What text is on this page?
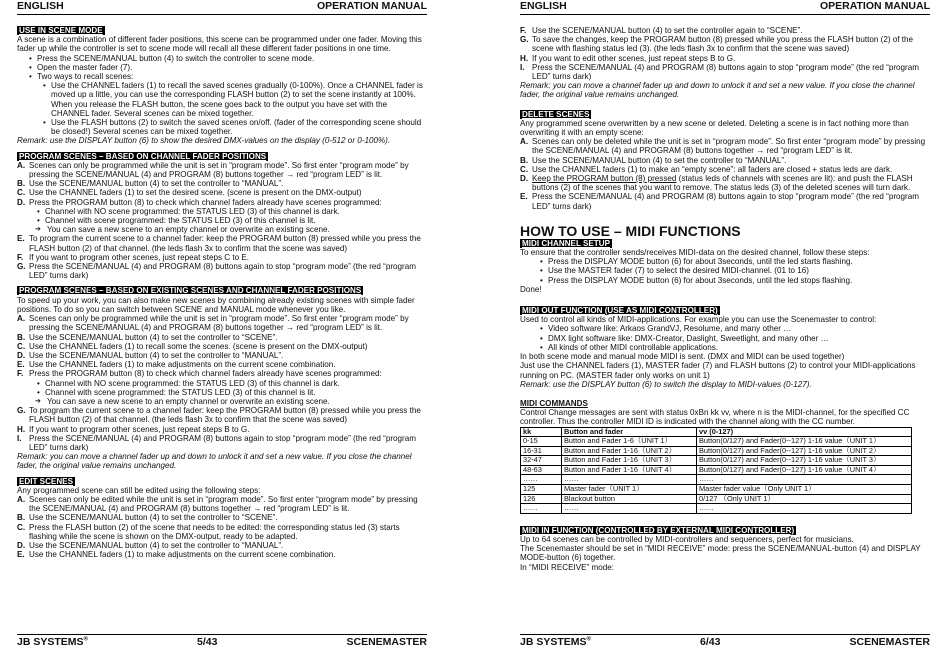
ENGLISH	OPERATION MANUAL
USE IN SCENE MODE

A scene is a combination of different fader positions, this scene can be programmed under one fader. Moving this fader up while the controller is set to scene mode will recall all these different fader positions in one time.

• Press the SCENE/MANUAL button (4) to switch the controller to scene mode.

• Open the master fader (7).

• Two ways to recall scenes:

• Use the CHANNEL faders (1) to recall the saved scenes gradually (0-100%). Once a CHANNEL fader is moved up a little, you can use the corresponding FLASH button (2) to set the scene instantly at 100%. When you release the FLASH button, the scene goes back to the output you have set with the CHANNEL fader. Several scenes can be mixed together.

• Use the FLASH buttons (2) to switch the saved scenes on/off. (fader of the corresponding scene should be closed!) Several scenes can be mixed together.

Remark: use the DISPLAY button (6) to show the desired DMX-values on the display (0-512 or 0-100%).

PROGRAM SCENES – BASED ON CHANNEL FADER POSITIONS

A. Scenes can only be programmed while the unit is set in “program mode”. So first enter “program mode” by pressing the SCENE/MANUAL (4) and PROGRAM (8) buttons together → red “program LED” is lit.

B. Use the SCENE/MANUAL button (4) to set the controller to “MANUAL”.

C. Use the CHANNEL faders (1) to set the desired scene. (scene is present on the DMX-output)

D. Press the PROGRAM button (8) to check which channel faders already have scenes programmed:

• Channel with NO scene programmed: the STATUS LED (3) of this channel is dark.

• Channel with scene programmed: the STATUS LED (3) of this channel is lit.

➔ You can save a new scene to an empty channel or overwrite an existing scene.

E. To program the current scene to a channel fader: keep the PROGRAM button (8) pressed while you press the FLASH button (2) of that channel. (the leds flash 3x to confirm that the scene was saved)

F. If you want to program other scenes, just repeat steps C to E.

G. Press the SCENE/MANUAL (4) and PROGRAM (8) buttons again to stop “program mode” (the red “program LED” turns dark)

PROGRAM SCENES – BASED ON EXISTING SCENES AND CHANNEL FADER POSITIONS

To speed up your work, you can also make new scenes by combining already existing scenes with simple fader positions. To do so you can switch between SCENE and MANUAL mode whenever you like.

A. Scenes can only be programmed while the unit is set in “program mode”. So first enter “program mode” by pressing the SCENE/MANUAL (4) and PROGRAM (8) buttons together → red “program LED” is lit.

B. Use the SCENE/MANUAL button (4) to set the controller to “SCENE”.

C. Use the CHANNEL faders (1) to recall some the scenes. (scene is present on the DMX-output)

D. Use the SCENE/MANUAL button (4) to set the controller to “MANUAL”.

E. Use the CHANNEL faders (1) to make adjustments on the current scene combination.

F. Press the PROGRAM button (8) to check which channel faders already have scenes programmed:

• Channel with NO scene programmed: the STATUS LED (3) of this channel is dark.

• Channel with scene programmed: the STATUS LED (3) of this channel is lit.

➔ You can save a new scene to an empty channel or overwrite an existing scene.

G. To program the current scene to a channel fader: keep the PROGRAM button (8) pressed while you press the FLASH button (2) of that channel. (the leds flash 3x to confirm that the scene was saved)

H. If you want to program other scenes, just repeat steps B to G.

I. Press the SCENE/MANUAL (4) and PROGRAM (8) buttons again to stop “program mode” (the red “program LED” turns dark)

Remark: you can move a channel fader up and down to unlock it and set a new value. If you close the channel fader, the original value remains unchanged.

EDIT SCENES

Any programmed scene can still be edited using the following steps:

A. Scenes can only be edited while the unit is set in “program mode”. So first enter “program mode” by pressing the SCENE/MANUAL (4) and PROGRAM (8) buttons together → red “program LED” is lit.

B. Use the SCENE/MANUAL button (4) to set the controller to “SCENE”.

C. Press the FLASH button (2) of the scene that needs to be edited: the corresponding status led (3) starts flashing while the scene is shown on the DMX-output, ready to be adapted.

D. Use the SCENE/MANUAL button (4) to set the controller to “MANUAL”.

E. Use the CHANNEL faders (1) to make adjustments on the current scene combination.

JB SYSTEMS®	5/43	SCENEMASTER
ENGLISH	OPERATION MANUAL

F. Use the SCENE/MANUAL button (4) to set the controller again to “SCENE”.

G. To save the changes, keep the PROGRAM button (8) pressed while you press the FLASH button (2) of the scene with flashing status led (3). (the leds flash 3x to confirm that the scene was saved)

H. If you want to edit other scenes, just repeat steps B to G.

I. Press the SCENE/MANUAL (4) and PROGRAM (8) buttons again to stop “program mode” (the red “program LED” turns dark)

Remark: you can move a channel fader up and down to unlock it and set a new value. If you close the channel fader, the original value remains unchanged.

DELETE SCENES

Any programmed scene overwritten by a new scene or deleted. Deleting a scene is in fact nothing more than overwriting it with an empty scene:

A. Scenes can only be deleted while the unit is set in “program mode”. So first enter “program mode” by pressing the SCENE/MANUAL (4) and PROGRAM (8) buttons together → red “program LED” is lit.

B. Use the SCENE/MANUAL button (4) to set the controller to “MANUAL”.

C. Use the CHANNEL faders (1) to make an “empty scene”: all faders are closed + status leds are dark.

D. Keep the PROGRAM button (8) pressed (status leds of channels with scenes are lit): and push the FLASH buttons (2) of the scenes that you want to remove. The status leds (3) of the deleted scenes will turn dark.

E. Press the SCENE/MANUAL (4) and PROGRAM (8) buttons again to stop “program mode” (the red “program LED” turns dark)

HOW TO USE – MIDI FUNCTIONS
MIDI CHANNEL SETUP

To ensure that the controller sends/receives MIDI-data on the desired channel, follow these steps:

• Press the DISPLAY MODE button (6) for about 3seconds, until the led starts flashing.

• Use the MASTER fader (7) to select the desired MIDI-channel. (01 to 16)

• Press the DISPLAY MODE button (6) for about 3seconds, until the led stops flashing.

Done!

MIDI OUT FUNCTION (USE AS MIDI CONTROLLER)

Used to control all kinds of MIDI-applications. For example you can use the Scenemaster to control:

• Video software like: Arkaos GrandVJ, Resolume, and many other …

• DMX light software like: DMX-Creator, Daslight, Sweetlight, and many other …

• All kinds of other MIDI controllable applications.

In both scene mode and manual mode MIDI is sent. (DMX and MIDI can be used together)

Just use the CHANNEL faders (1), MASTER fader (7) and FLASH buttons (2) to control your MIDI-applications running on PC. (MASTER fader only works on unit 1)

Remark: use the DISPLAY button (6) to switch the display to MIDI-values (0-127).

MIDI COMMANDS

Control Change messages are sent with status 0xBn kk vv, where n is the MIDI-channel, for the specified CC controller. Thus the controller MIDI ID is indicated with the channel along with the CC number.

kk	Button and fader	vv (0-127)
0-15	Button and Fader 1-6（UNIT 1）	Button(0/127) and Fader(0--127) 1-16 value（UNIT 1）
16-31	Button and Fader 1-16（UNIT 2）	Button(0/127) and Fader(0--127) 1-16 value（UNIT 2）
32-47	Button and Fader 1-16（UNIT 3）	Button(0/127) and Fader(0--127) 1-16 value（UNIT 3）
48-63	Button and Fader 1-16（UNIT 4）	Button(0/127) and Fader(0--127) 1-16 value（UNIT 4）
……	……	……
125	Master fader（UNIT 1）	Master fader value（Only UNIT 1）
126	Blackout button	0/127 （Only UNIT 1）
……	……	……
MIDI IN FUNCTION (CONTROLLED BY EXTERNAL MIDI CONTROLLER)

Up to 64 scenes can be controlled by MIDI-controllers and sequencers, perfect for musicians.

The Scenemaster should be set in “MIDI RECEIVE” mode: press the SCENE/MANUAL-button (4) and DISPLAY MODE-button (6) together.

In “MIDI RECEIVE” mode:

JB SYSTEMS®	6/43	SCENEMASTER
